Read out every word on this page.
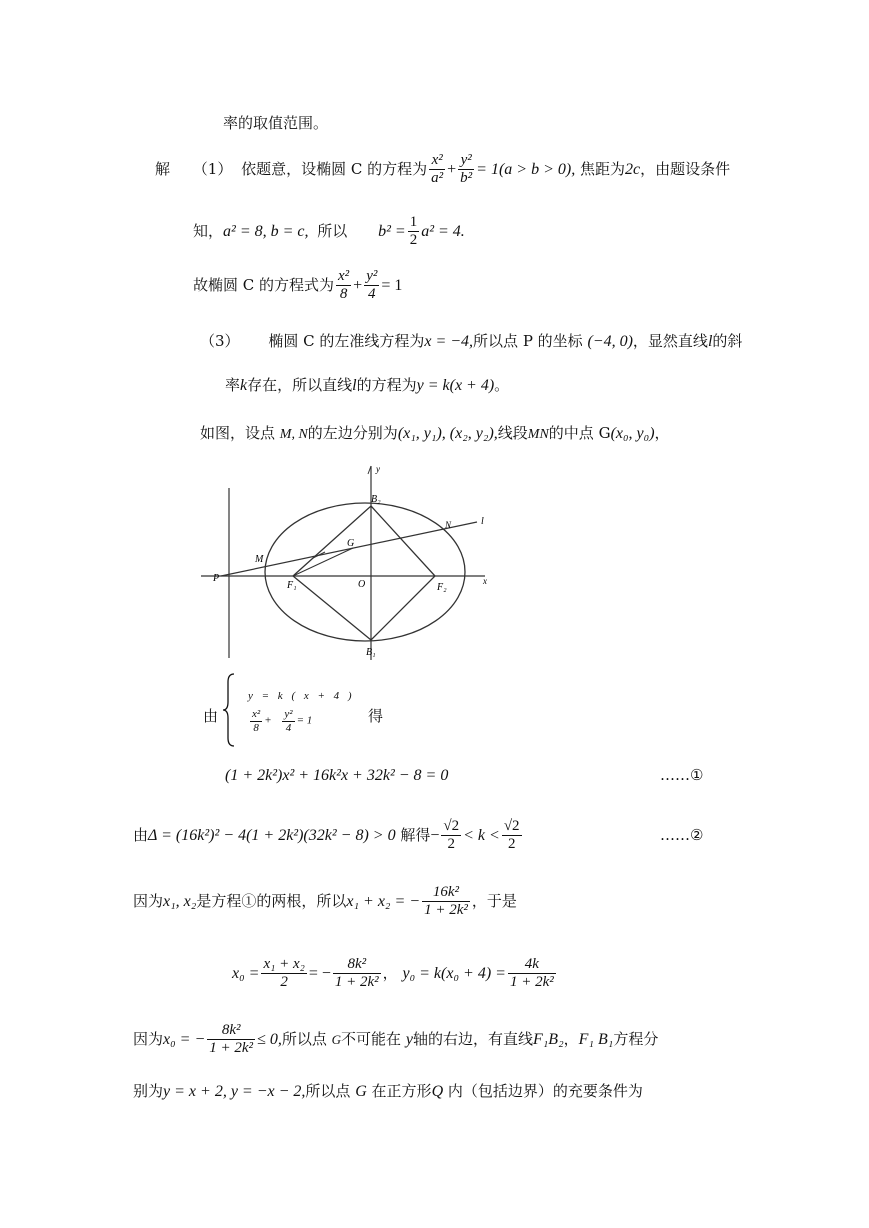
率的取值范围。
解 （1） 依题意，设椭圆 C 的方程为 $\frac{\text{x²}}{\text{a²}} + \frac{\text{y²}}{\text{b²}} = 1(a > b > 0)$, 焦距为2c，由题设条件
知，a² = 8, b = c, 所以 $b^2 = \frac{1}{2} a^2 = 4$.
故椭圆 C 的方程式为 $\frac{\text{x²}}{8} + \frac{\text{y²}}{4} = 1$
（3） 椭圆 C 的左准线方程为x = −4,所以点 P 的坐标 (−4, 0)，显然直线l的斜
率k存在，所以直线l的方程为y = k(x + 4)。
如图，设点 M, N的左边分别为(x₁, y₁), (x₂, y₂),线段MN的中点 G(x₀, y₀)，
y
x
B₂
B₁
F₁	F₂
O
P
M
G
N	l
由
y = k ( x + 4 )
$\frac{\text{x²}}{8} + \frac{\text{y²}}{4} = 1$	得
(1 + 2k²)x² + 16k²x + 32k² − 8 = 0	……①
由Δ = (16k²)² − 4(1 + 2k²)(32k² − 8) > 0 解得− $\frac{√2}{2} < k < \frac{√2}{2}$	……②
因为x₁, x₂是方程①的两根，所以x₁ + x₂ = − $\frac{\text{16k²}}{\text{1 + 2k²}}$ ，于是
$x_0 = \frac{\text{x₁ + x₂}}{2}$ = − $\frac{\text{8k²}}{\text{1 + 2k²}}$ ， $y_0 = k(x_0 + 4) = \frac{4k}{\text{1 + 2k²}}$
因为x₀ = − $\frac{\text{8k²}}{\text{1 + 2k²}} \le 0$,所以点 G不可能在 y轴的右边，有直线F₁B₂，F₁ B₁方程分
别为y = x + 2, y = −x − 2,所以点 G 在正方形Q 内（包括边界）的充要条件为
